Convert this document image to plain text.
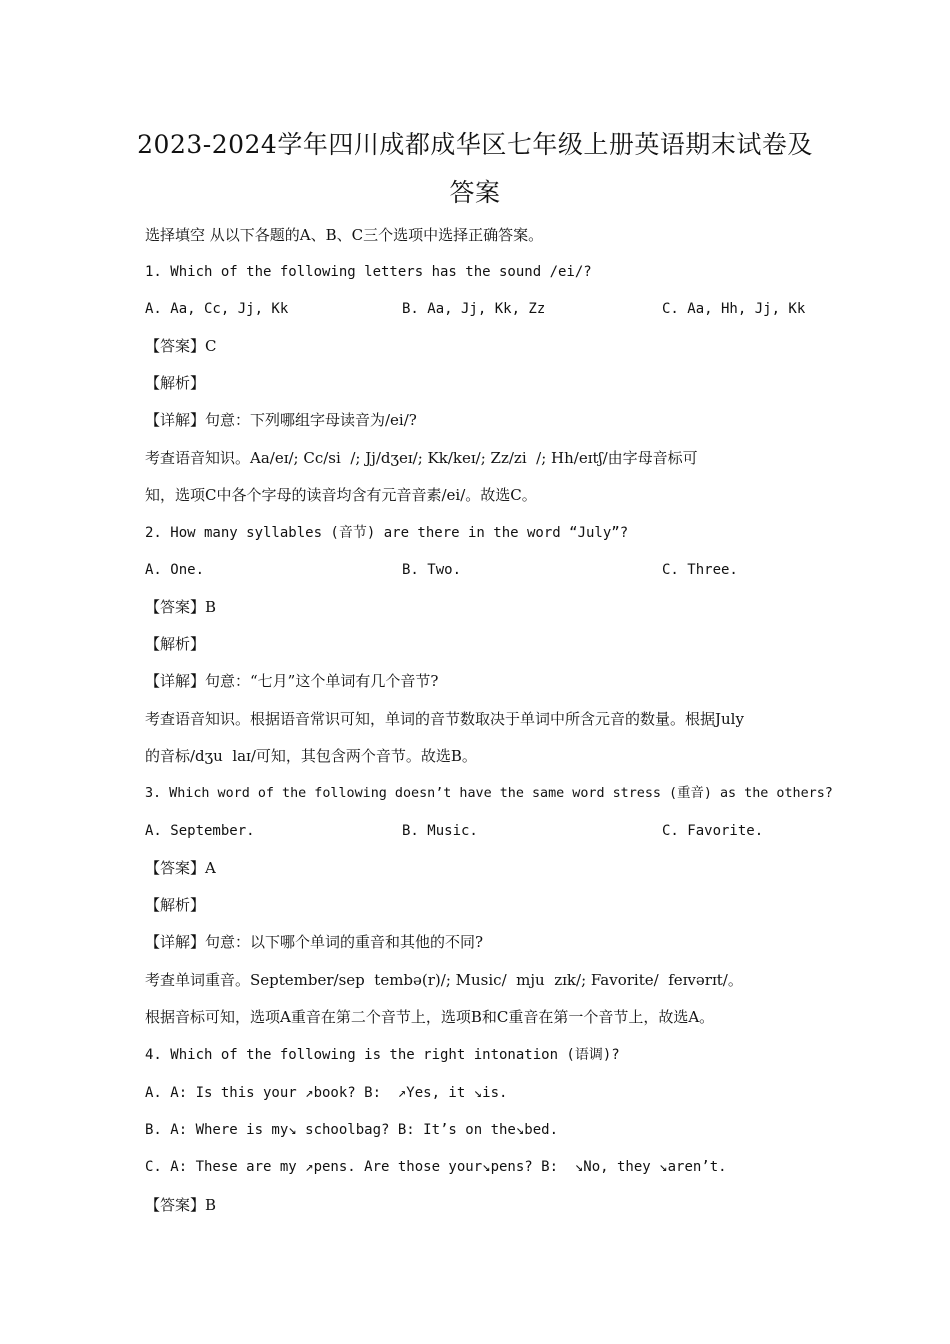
2023-2024学年四川成都成华区七年级上册英语期末试卷及
答案
选择填空 从以下各题的A、B、C三个选项中选择正确答案。
1. Which of the following letters has the sound /ei/?
A. Aa, Cc, Jj, Kk	B. Aa, Jj, Kk, Zz	C. Aa, Hh, Jj, Kk
【答案】C
【解析】
【详解】句意：下列哪组字母读音为/ei/?
考查语音知识。Aa/eɪ/; Cc/si  /; Jj/dʒeɪ/; Kk/keɪ/; Zz/zi  /; Hh/eɪtʃ/由字母音标可
知，选项C中各个字母的读音均含有元音音素/ei/。故选C。
2. How many syllables (音节) are there in the word “July”?
A. One.	B. Two.	C. Three.
【答案】B
【解析】
【详解】句意：“七月”这个单词有几个音节?
考查语音知识。根据语音常识可知，单词的音节数取决于单词中所含元音的数量。根据July
的音标/dʒu  laɪ/可知，其包含两个音节。故选B。
3. Which word of the following doesn’t have the same word stress (重音) as the others?
A. September.	B. Music.	C. Favorite.
【答案】A
【解析】
【详解】句意：以下哪个单词的重音和其他的不同?
考查单词重音。September/sep  tembə(r)/; Music/  mju  zɪk/; Favorite/  feɪvərɪt/。
根据音标可知，选项A重音在第二个音节上，选项B和C重音在第一个音节上，故选A。
4. Which of the following is the right intonation (语调)?
A. A: Is this your ↗book? B:  ↗Yes, it ↘is.
B. A: Where is my↘ schoolbag? B: It’s on the↘bed.
C. A: These are my ↗pens. Are those your↘pens? B:  ↘No, they ↘aren’t.
【答案】B
